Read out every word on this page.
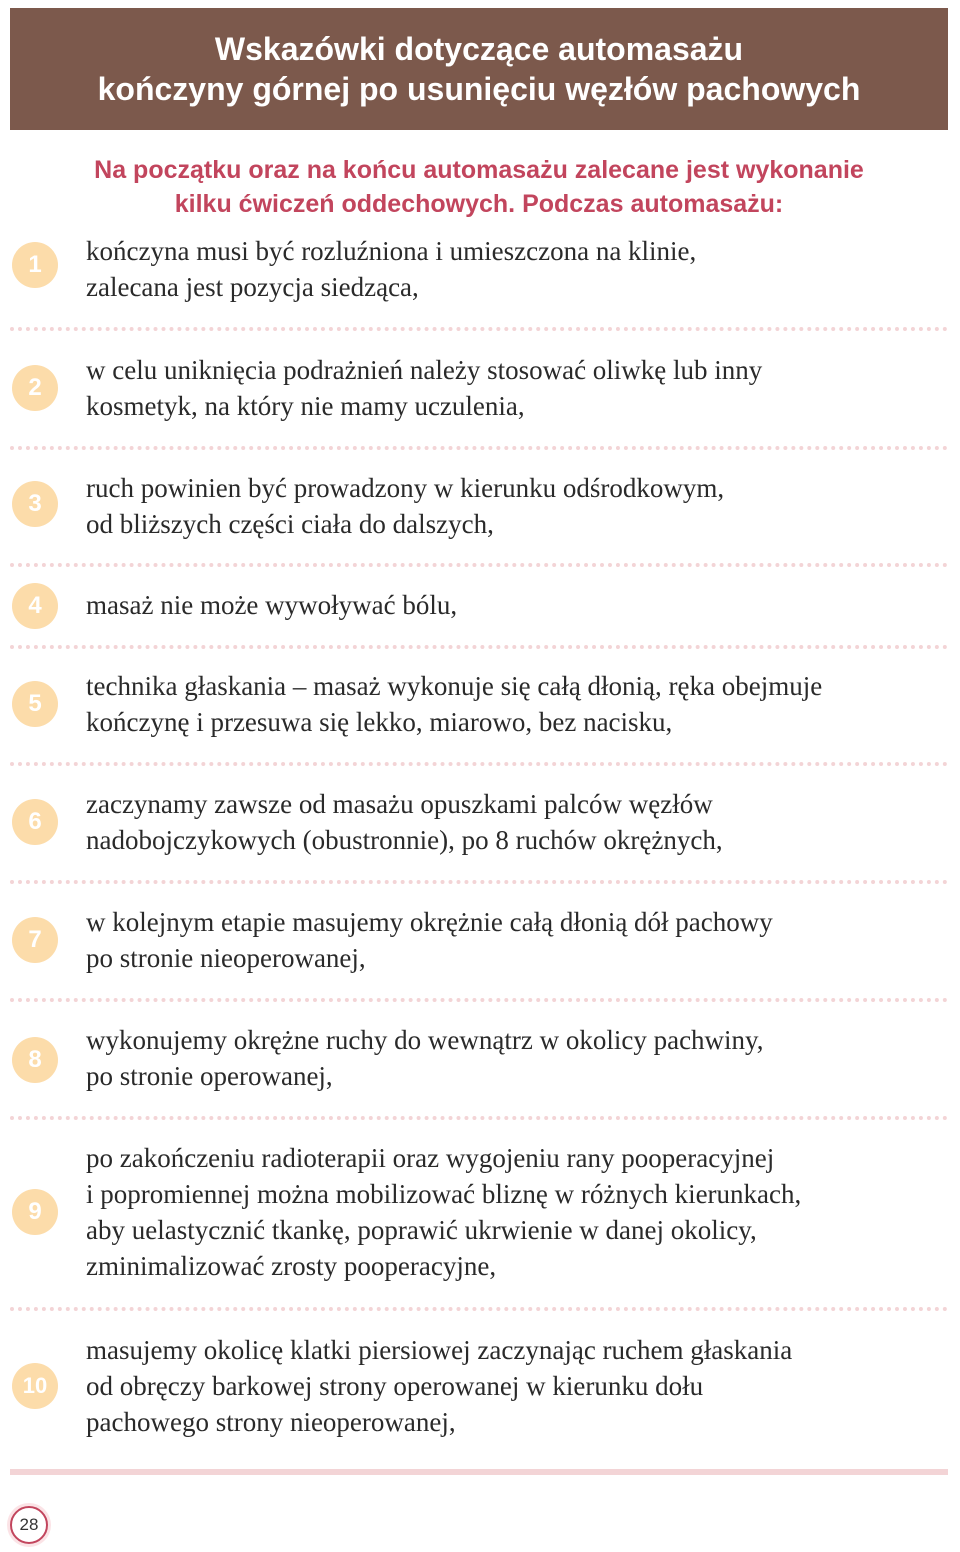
Wskazówki dotyczące automasażu
kończyny górnej po usunięciu węzłów pachowych
Na początku oraz na końcu automasażu zalecane jest wykonanie
kilku ćwiczeń oddechowych. Podczas automasażu:
1	kończyna musi być rozluźniona i umieszczona na klinie,
zalecana jest pozycja siedząca,
2
w celu uniknięcia podrażnień należy stosować oliwkę lub inny
kosmetyk, na który nie mamy uczulenia,
3
ruch powinien być prowadzony w kierunku odśrodkowym,
od bliższych części ciała do dalszych,
4	masaż nie może wywoływać bólu,
5
technika głaskania – masaż wykonuje się całą dłonią, ręka obejmuje
kończynę i przesuwa się lekko, miarowo, bez nacisku,
6
zaczynamy zawsze od masażu opuszkami palców węzłów
nadobojczykowych (obustronnie), po 8 ruchów okrężnych,
7
w kolejnym etapie masujemy okrężnie całą dłonią dół pachowy
po stronie nieoperowanej,
8
wykonujemy okrężne ruchy do wewnątrz w okolicy pachwiny,
po stronie operowanej,
9
po zakończeniu radioterapii oraz wygojeniu rany pooperacyjnej
i popromiennej można mobilizować bliznę w różnych kierunkach,
aby uelastycznić tkankę, poprawić ukrwienie w danej okolicy,
zminimalizować zrosty pooperacyjne,
10
masujemy okolicę klatki piersiowej zaczynając ruchem głaskania
od obręczy barkowej strony operowanej w kierunku dołu
pachowego strony nieoperowanej,
28
